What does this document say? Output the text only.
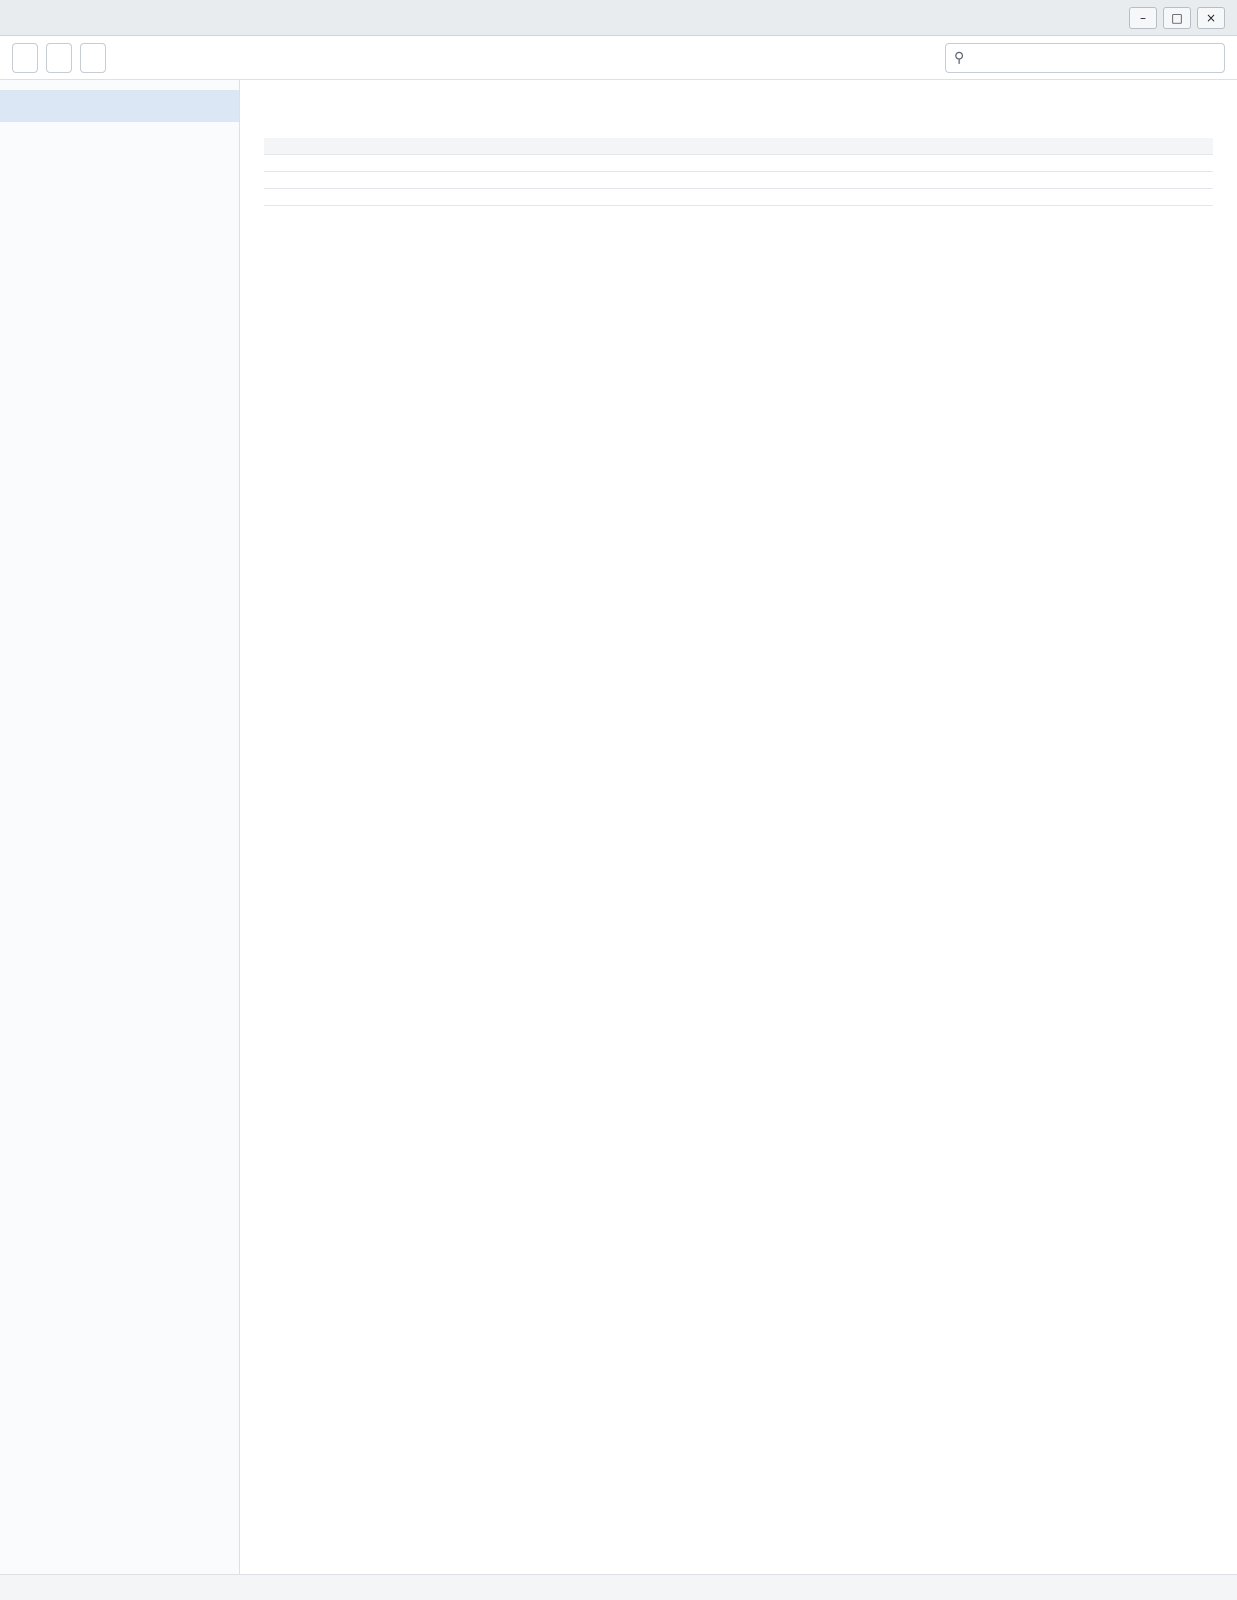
–	□	×
⚲
